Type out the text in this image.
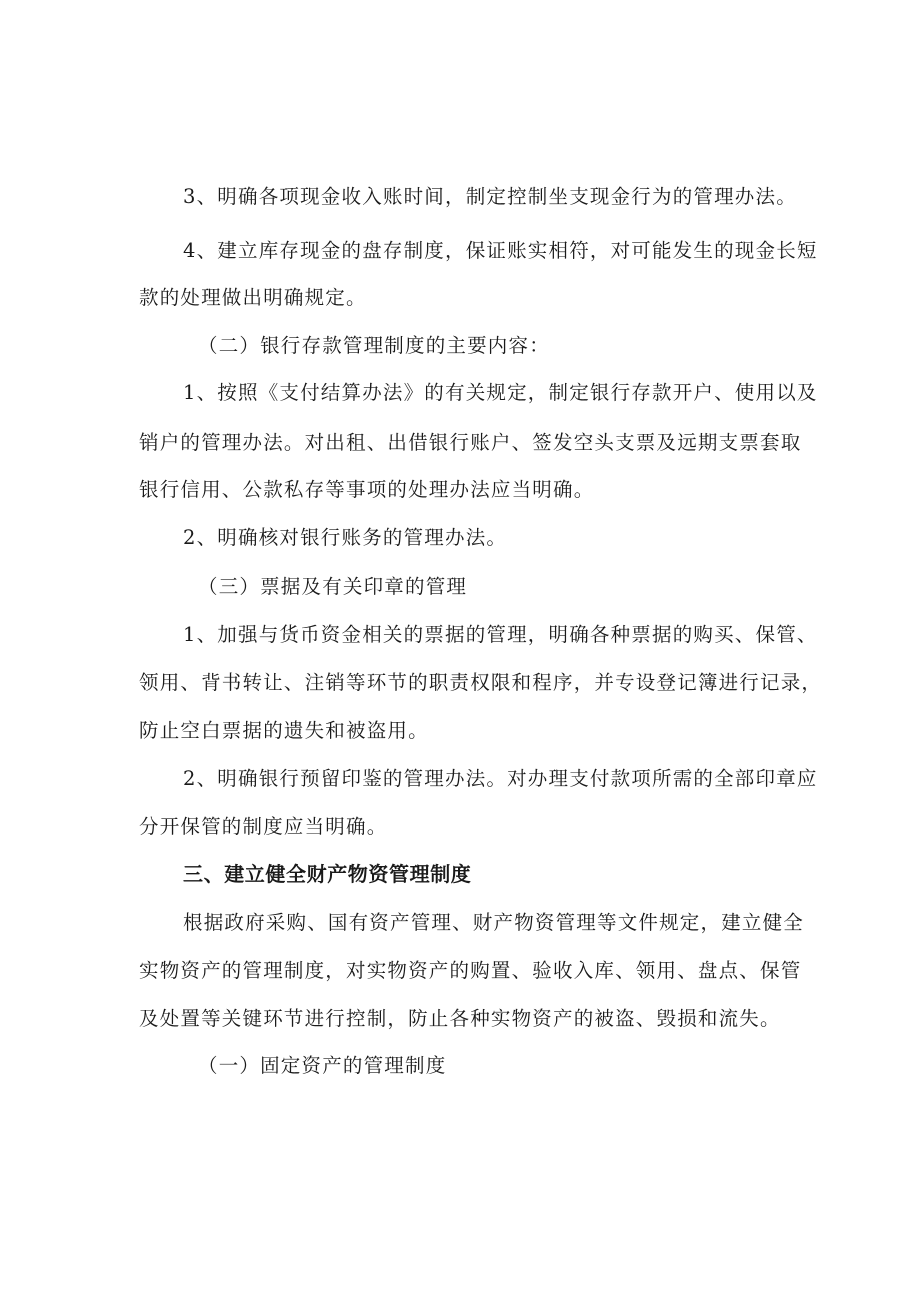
3、明确各项现金收入账时间，制定控制坐支现金行为的管理办法。
4、建立库存现金的盘存制度，保证账实相符，对可能发生的现金长短
款的处理做出明确规定。
（二）银行存款管理制度的主要内容：
1、按照《支付结算办法》的有关规定，制定银行存款开户、使用以及
销户的管理办法。对出租、出借银行账户、签发空头支票及远期支票套取
银行信用、公款私存等事项的处理办法应当明确。
2、明确核对银行账务的管理办法。
（三）票据及有关印章的管理
1、加强与货币资金相关的票据的管理，明确各种票据的购买、保管、
领用、背书转让、注销等环节的职责权限和程序，并专设登记簿进行记录，
防止空白票据的遗失和被盗用。
2、明确银行预留印鉴的管理办法。对办理支付款项所需的全部印章应
分开保管的制度应当明确。
三、建立健全财产物资管理制度
根据政府采购、国有资产管理、财产物资管理等文件规定，建立健全
实物资产的管理制度，对实物资产的购置、验收入库、领用、盘点、保管
及处置等关键环节进行控制，防止各种实物资产的被盗、毁损和流失。
（一）固定资产的管理制度
